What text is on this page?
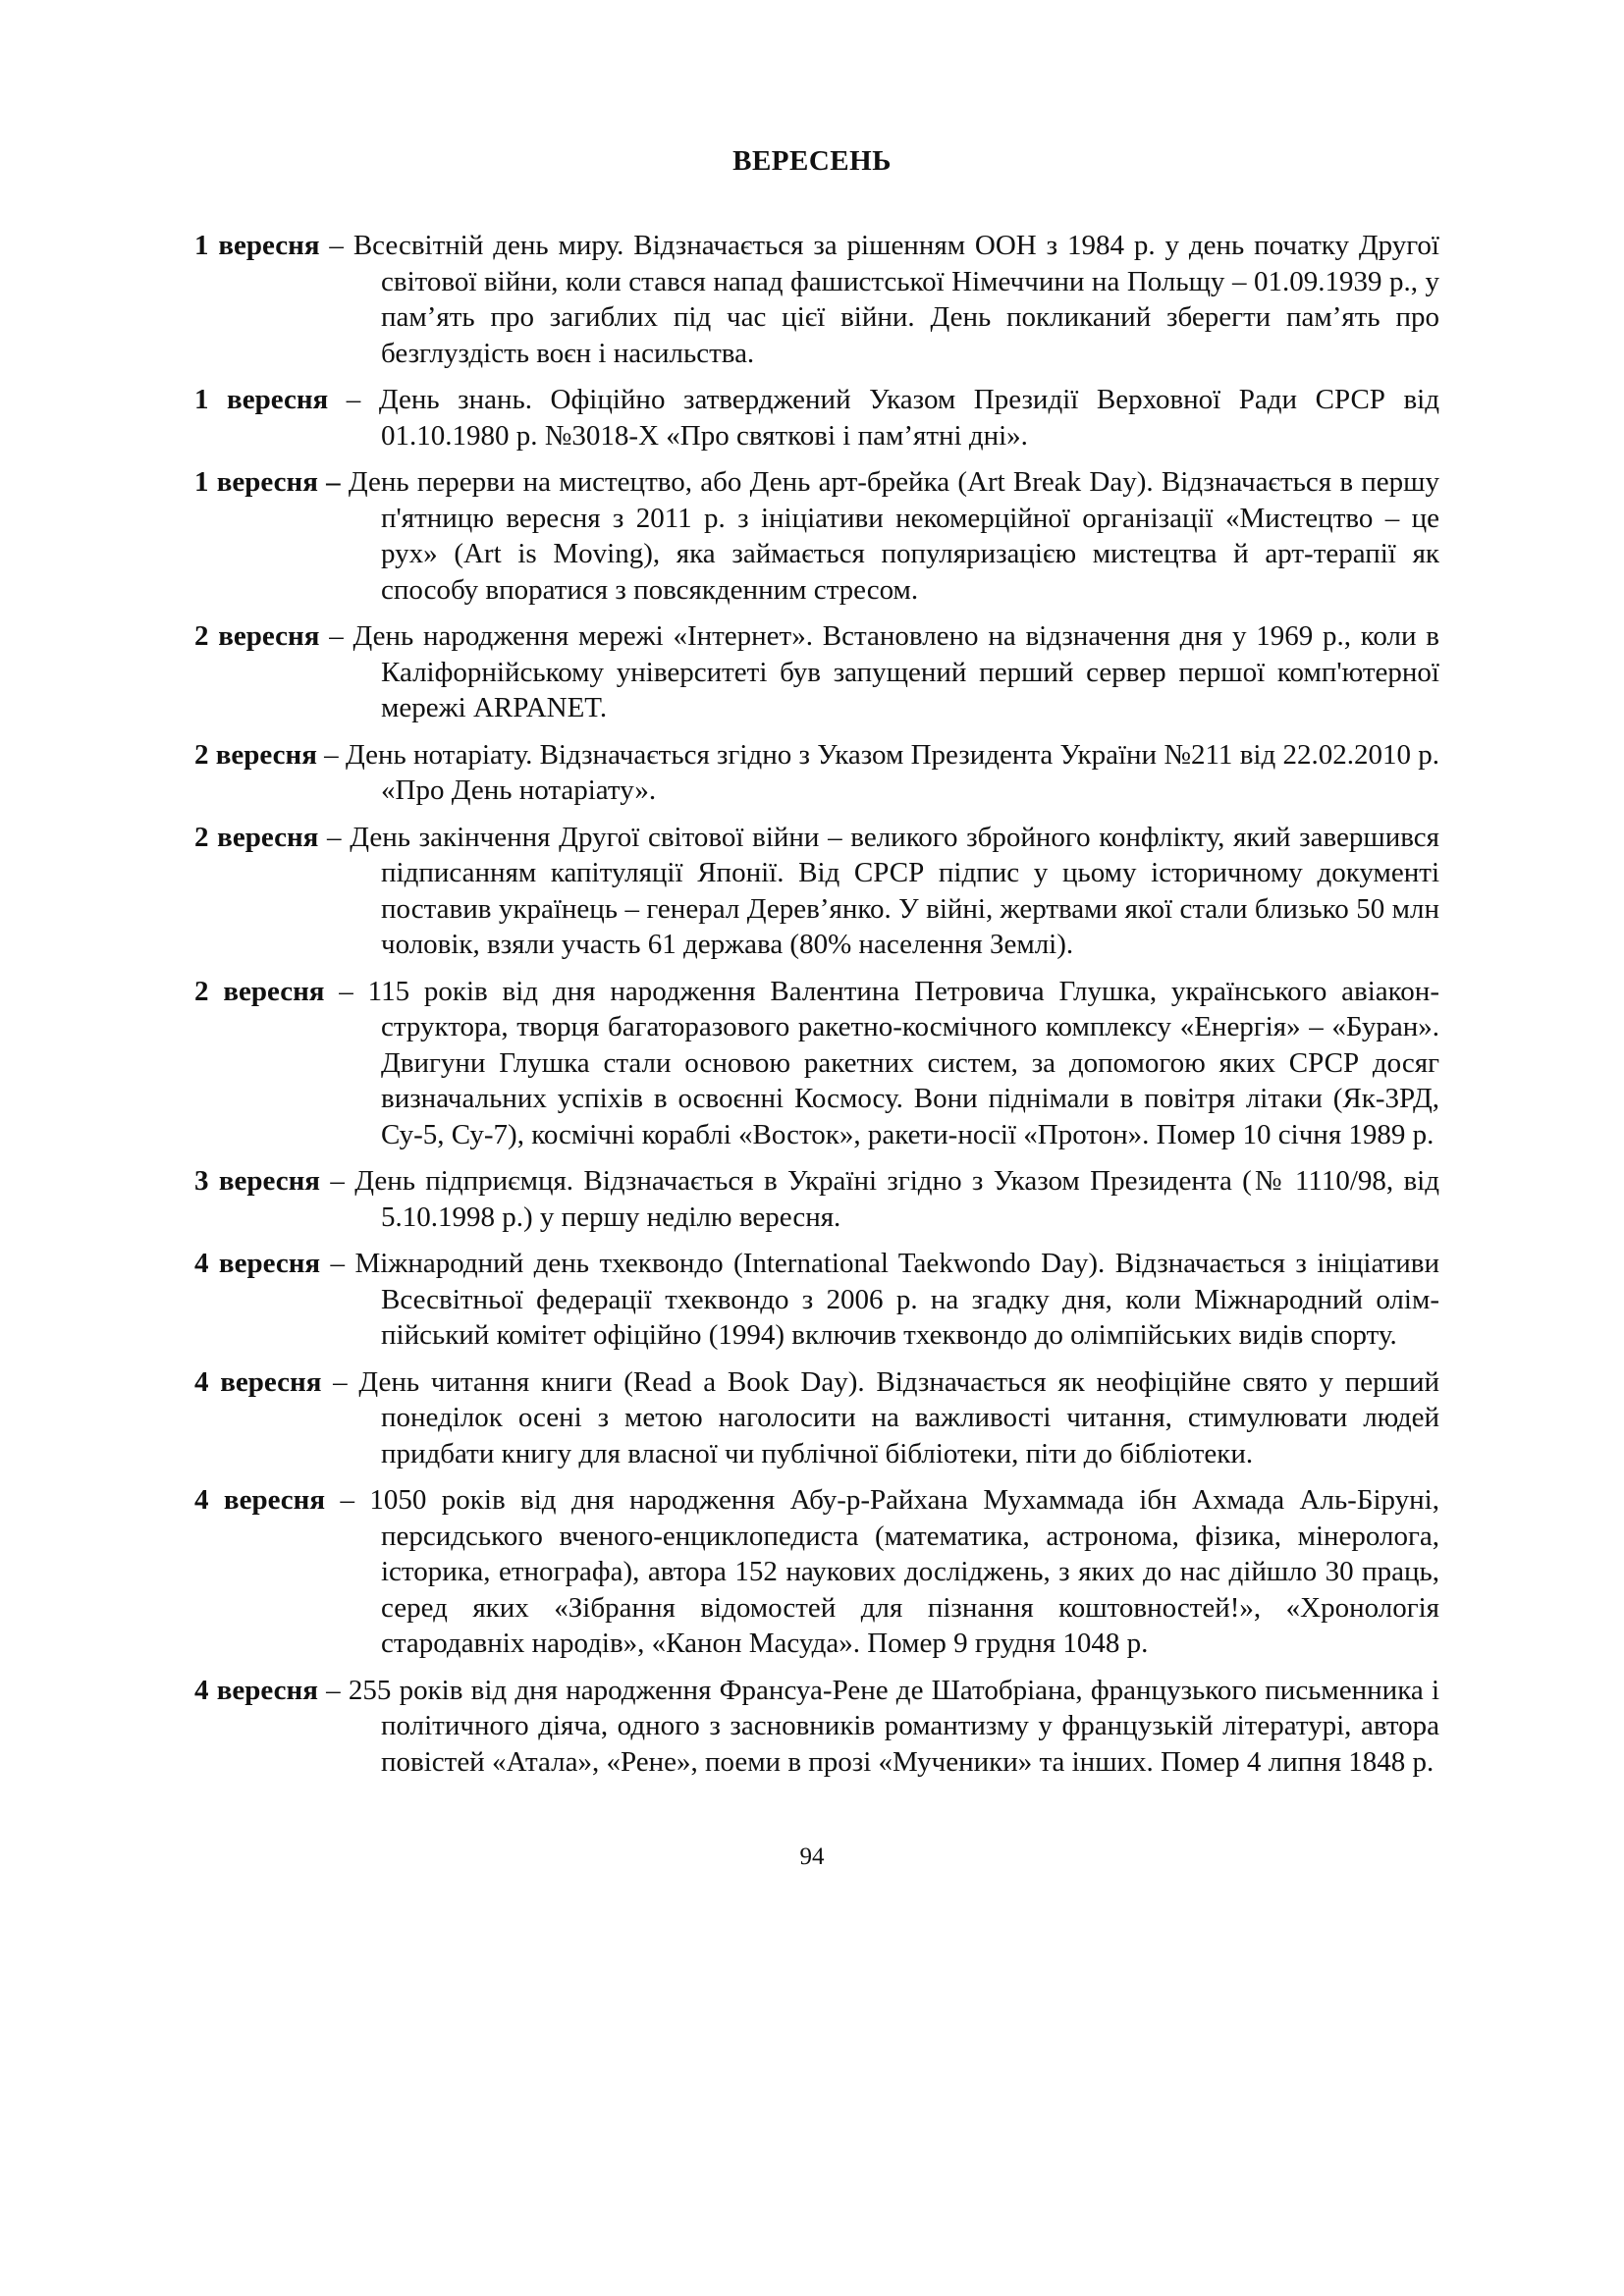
ВЕРЕСЕНЬ

1 вересня – Всесвітній день миру. Відзначається за рішенням ООН з 1984 р. у день початку Другої світової війни, коли стався напад фашистської Німеччини на Польщу – 01.09.1939 р., у пам’ять про загиблих під час цієї війни. День покликаний зберегти пам’ять про безглуздість воєн і насильства.

1 вересня – День знань. Офіційно затверджений Указом Президії Верховної Ради СРСР від 01.10.1980 р. №3018-X «Про святкові і пам’ятні дні».

1 вересня – День перерви на мистецтво, або День арт-брейка (Art Break Day). Відзначається в першу п'ятницю вересня з 2011 р. з ініціативи некомерційної організації «Мистецтво – це рух» (Art is Moving), яка займається популяризацією мистецтва й арт-терапії як способу впоратися з повсякденним стресом.

2 вересня – День народження мережі «Інтернет». Встановлено на відзначення дня у 1969 р., коли в Каліфорнійському університеті був запущений перший сервер першої комп'ютерної мережі ARPANET.

2 вересня – День нотаріату. Відзначається згідно з Указом Президента України №211 від 22.02.2010 р. «Про День нотаріату».

2 вересня – День закінчення Другої світової війни – великого збройного конфлікту, який завершився підписанням капітуляції Японії. Від СРСР підпис у цьому історичному документі поставив українець – генерал Дерев’янко. У війні, жертвами якої стали близько 50 млн чоловік, взяли участь 61 держава (80% населення Землі).

2 вересня – 115 років від дня народження Валентина Петровича Глушка, українського авіаконструктора, творця багаторазового ракетно-космічного комплексу «Енергія» – «Буран». Двигуни Глушка стали основою ракетних систем, за допомогою яких СРСР досяг визначальних успіхів в освоєнні Космосу. Вони піднімали в повітря літаки (Як-3РД, Су-5, Су-7), космічні кораблі «Восток», ракети-носії «Протон». Помер 10 січня 1989 р.

3 вересня – День підприємця. Відзначається в Україні згідно з Указом Президента (№ 1110/98, від 5.10.1998 р.) у першу неділю вересня.

4 вересня – Міжнародний день тхеквондо (International Taekwondo Day). Відзначається з ініціативи Всесвітньої федерації тхеквондо з 2006 р. на згадку дня, коли Міжнародний олімпійський комітет офіційно (1994) включив тхеквондо до олімпійських видів спорту.

4 вересня – День читання книги (Read a Book Day). Відзначається як неофіційне свято у перший понеділок осені з метою наголосити на важливості читання, стимулювати людей придбати книгу для власної чи публічної бібліотеки, піти до бібліотеки.

4 вересня – 1050 років від дня народження Абу-р-Райхана Мухаммада ібн Ахмада Аль-Біруні, персидського вченого-енциклопедиста (математика, астронома, фізика, мінеролога, історика, етнографа), автора 152 наукових досліджень, з яких до нас дійшло 30 праць, серед яких «Зібрання відомостей для пізнання коштовностей!», «Хронологія стародавніх народів», «Канон Масуда». Помер 9 грудня 1048 р.

4 вересня – 255 років від дня народження Франсуа-Рене де Шатобріана, французького письменника і політичного діяча, одного з засновників романтизму у французькій літературі, автора повістей «Атала», «Рене», поеми в прозі «Мученики» та інших. Помер 4 липня 1848 р.

94
